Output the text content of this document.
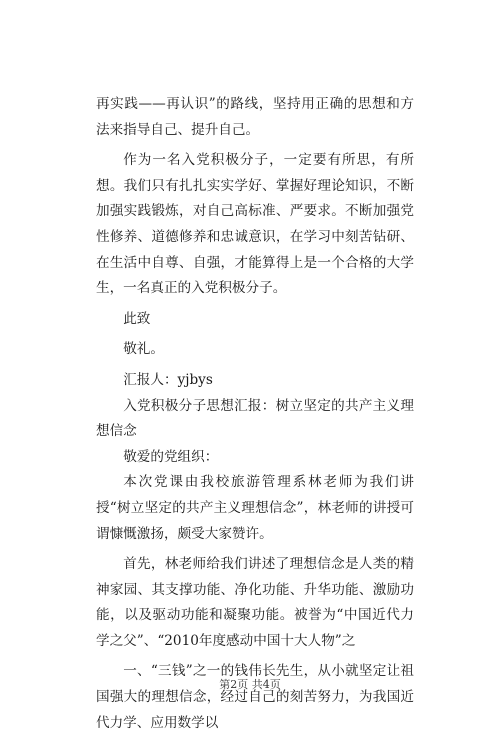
再实践——再认识”的路线，坚持用正确的思想和方法来指导自己、提升自己。

作为一名入党积极分子，一定要有所思，有所想。我们只有扎扎实实学好、掌握好理论知识，不断加强实践锻炼，对自己高标准、严要求。不断加强党性修养、道德修养和忠诚意识，在学习中刻苦钻研、在生活中自尊、自强，才能算得上是一个合格的大学生，一名真正的入党积极分子。

此致

敬礼。

汇报人：yjbys

入党积极分子思想汇报：树立坚定的共产主义理想信念

敬爱的党组织：

本次党课由我校旅游管理系林老师为我们讲授“树立坚定的共产主义理想信念”，林老师的讲授可谓慷慨激扬，颇受大家赞许。

首先，林老师给我们讲述了理想信念是人类的精神家园、其支撑功能、净化功能、升华功能、激励功能，以及驱动功能和凝聚功能。被誉为“中国近代力学之父”、“2010年度感动中国十大人物”之

一、“三钱”之一的钱伟长先生，从小就坚定让祖国强大的理想信念，经过自己的刻苦努力，为我国近代力学、应用数学以

第2页 共4页
